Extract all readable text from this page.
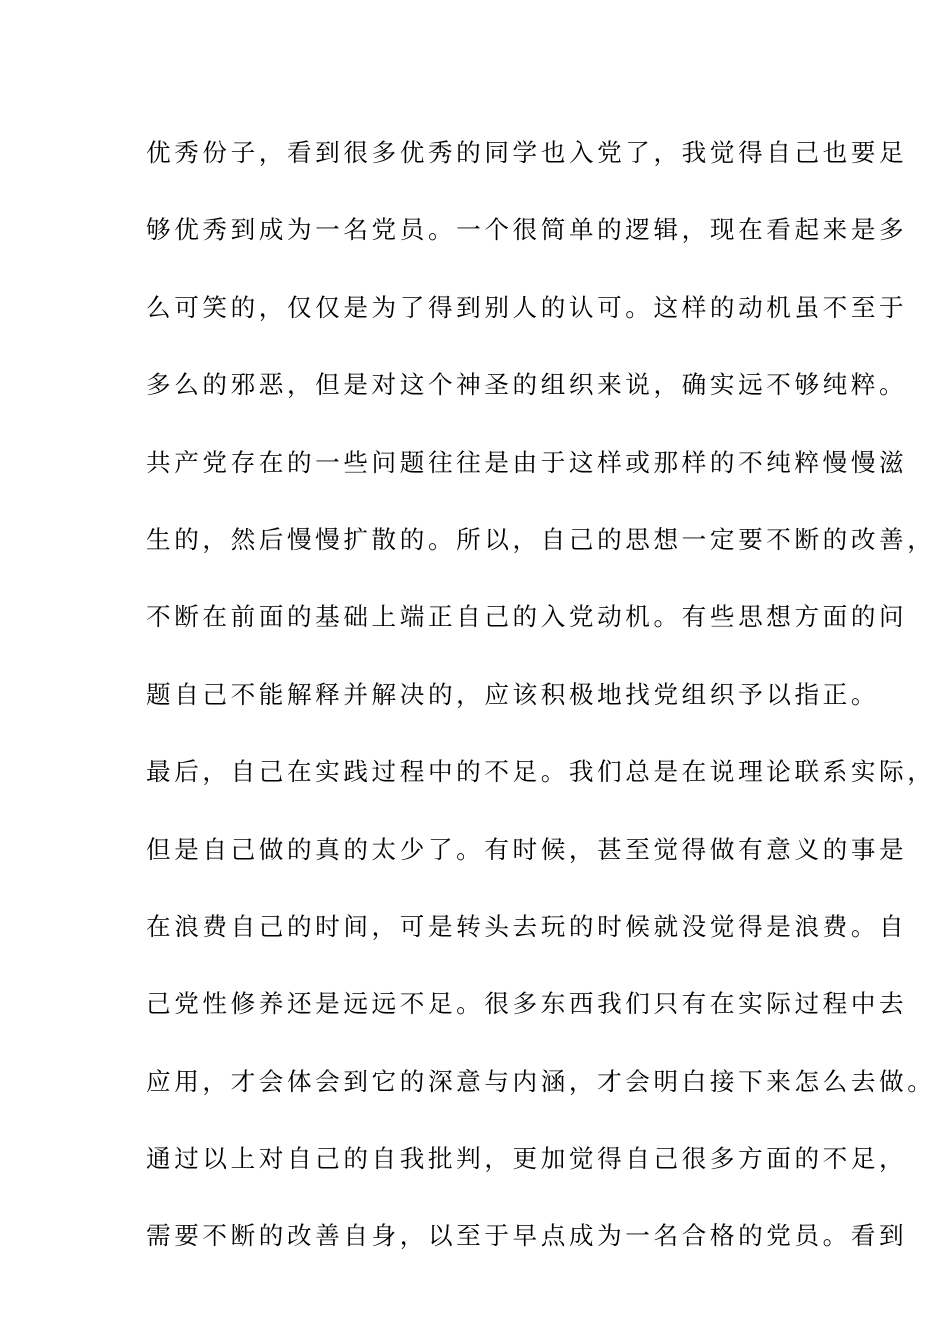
优秀份子，看到很多优秀的同学也入党了，我觉得自己也要足
够优秀到成为一名党员。一个很简单的逻辑，现在看起来是多
么可笑的，仅仅是为了得到别人的认可。这样的动机虽不至于
多么的邪恶，但是对这个神圣的组织来说，确实远不够纯粹。
共产党存在的一些问题往往是由于这样或那样的不纯粹慢慢滋
生的，然后慢慢扩散的。所以，自己的思想一定要不断的改善，
不断在前面的基础上端正自己的入党动机。有些思想方面的问
题自己不能解释并解决的，应该积极地找党组织予以指正。
最后，自己在实践过程中的不足。我们总是在说理论联系实际，
但是自己做的真的太少了。有时候，甚至觉得做有意义的事是
在浪费自己的时间，可是转头去玩的时候就没觉得是浪费。自
己党性修养还是远远不足。很多东西我们只有在实际过程中去
应用，才会体会到它的深意与内涵，才会明白接下来怎么去做。
通过以上对自己的自我批判，更加觉得自己很多方面的不足，
需要不断的改善自身，以至于早点成为一名合格的党员。看到
